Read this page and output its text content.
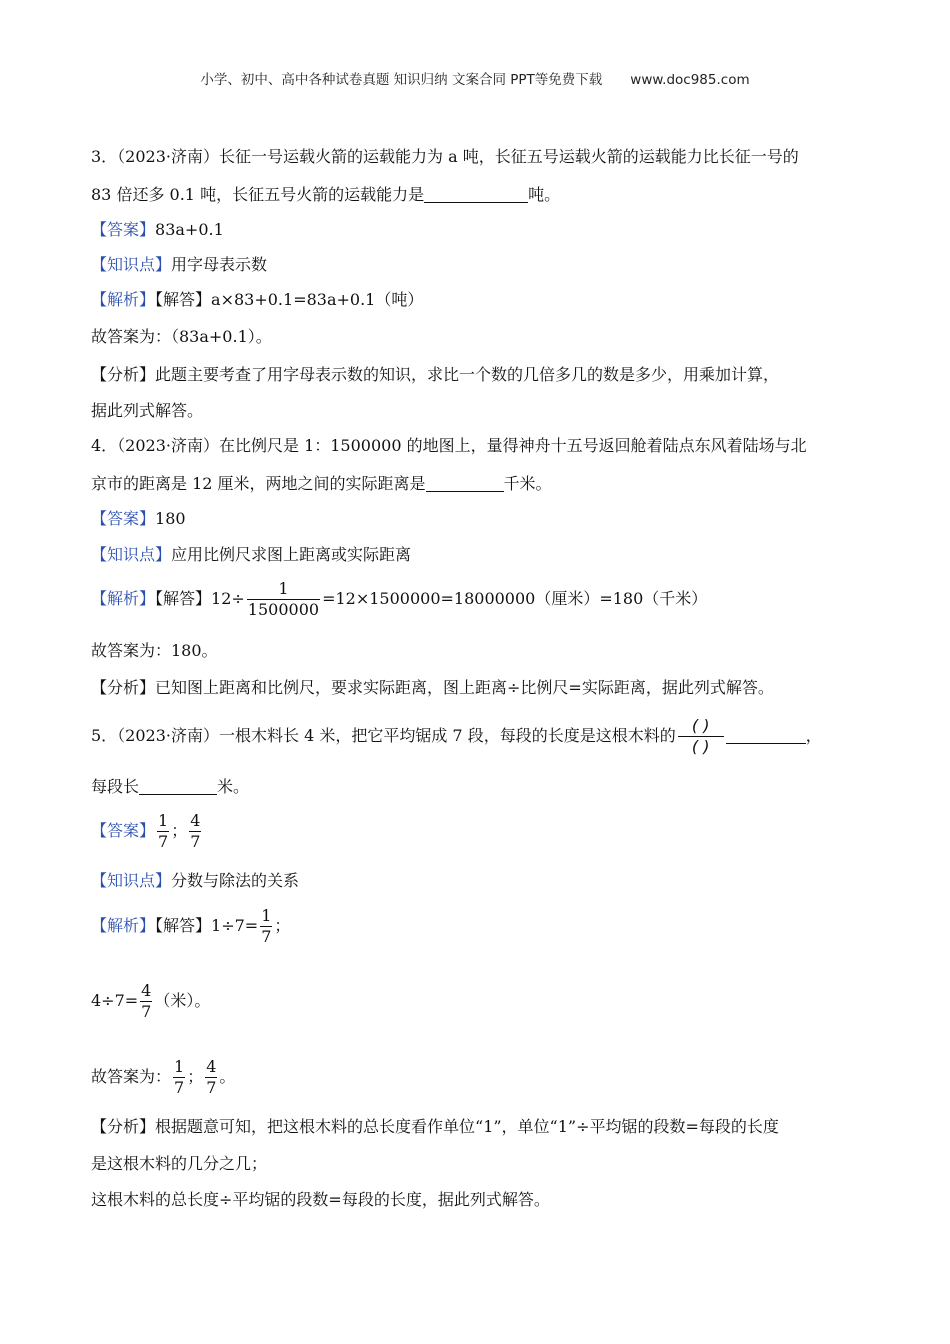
小学、初中、高中各种试卷真题 知识归纳 文案合同 PPT等免费下载 www.doc985.com
3．（2023·济南）长征一号运载火箭的运载能力为 a 吨，长征五号运载火箭的运载能力比长征一号的
83 倍还多 0.1 吨，长征五号火箭的运载能力是	吨。
【答案】83a+0.1
【知识点】用字母表示数
【解析】【解答】a×83+0.1=83a+0.1（吨）
故答案为：（83a+0.1）。
【分析】此题主要考查了用字母表示数的知识，求比一个数的几倍多几的数是多少，用乘加计算，
据此列式解答。
4．（2023·济南）在比例尺是 1：1500000 的地图上，量得神舟十五号返回舱着陆点东风着陆场与北
京市的距离是 12 厘米，两地之间的实际距离是	千米。
【答案】180
【知识点】应用比例尺求图上距离或实际距离
【解析】【解答】$12\div \frac{1}{1500000} =12\times 1500000=18000000$（厘米）=180（千米）
故答案为：180。
【分析】已知图上距离和比例尺，要求实际距离，图上距离÷比例尺=实际距离，据此列式解答。
5．（2023·济南）一根木料长 4 米，把它平均锯成 7 段，每段的长度是这根木料的 $\frac{( )}{( )}$	，
每段长	米。
【答案】 $\frac{1}{7}$ ； $\frac{4}{7}$
【知识点】分数与除法的关系
【解析】【解答】$1\div 7= \frac{1}{7}$ ；
$4\div 7= \frac{4}{7}$ （米）。
故答案为： $\frac{1}{7}$ ； $\frac{4}{7}$ 。
【分析】根据题意可知，把这根木料的总长度看作单位“1”，单位“1”÷平均锯的段数=每段的长度
是这根木料的几分之几；
这根木料的总长度÷平均锯的段数=每段的长度，据此列式解答。
